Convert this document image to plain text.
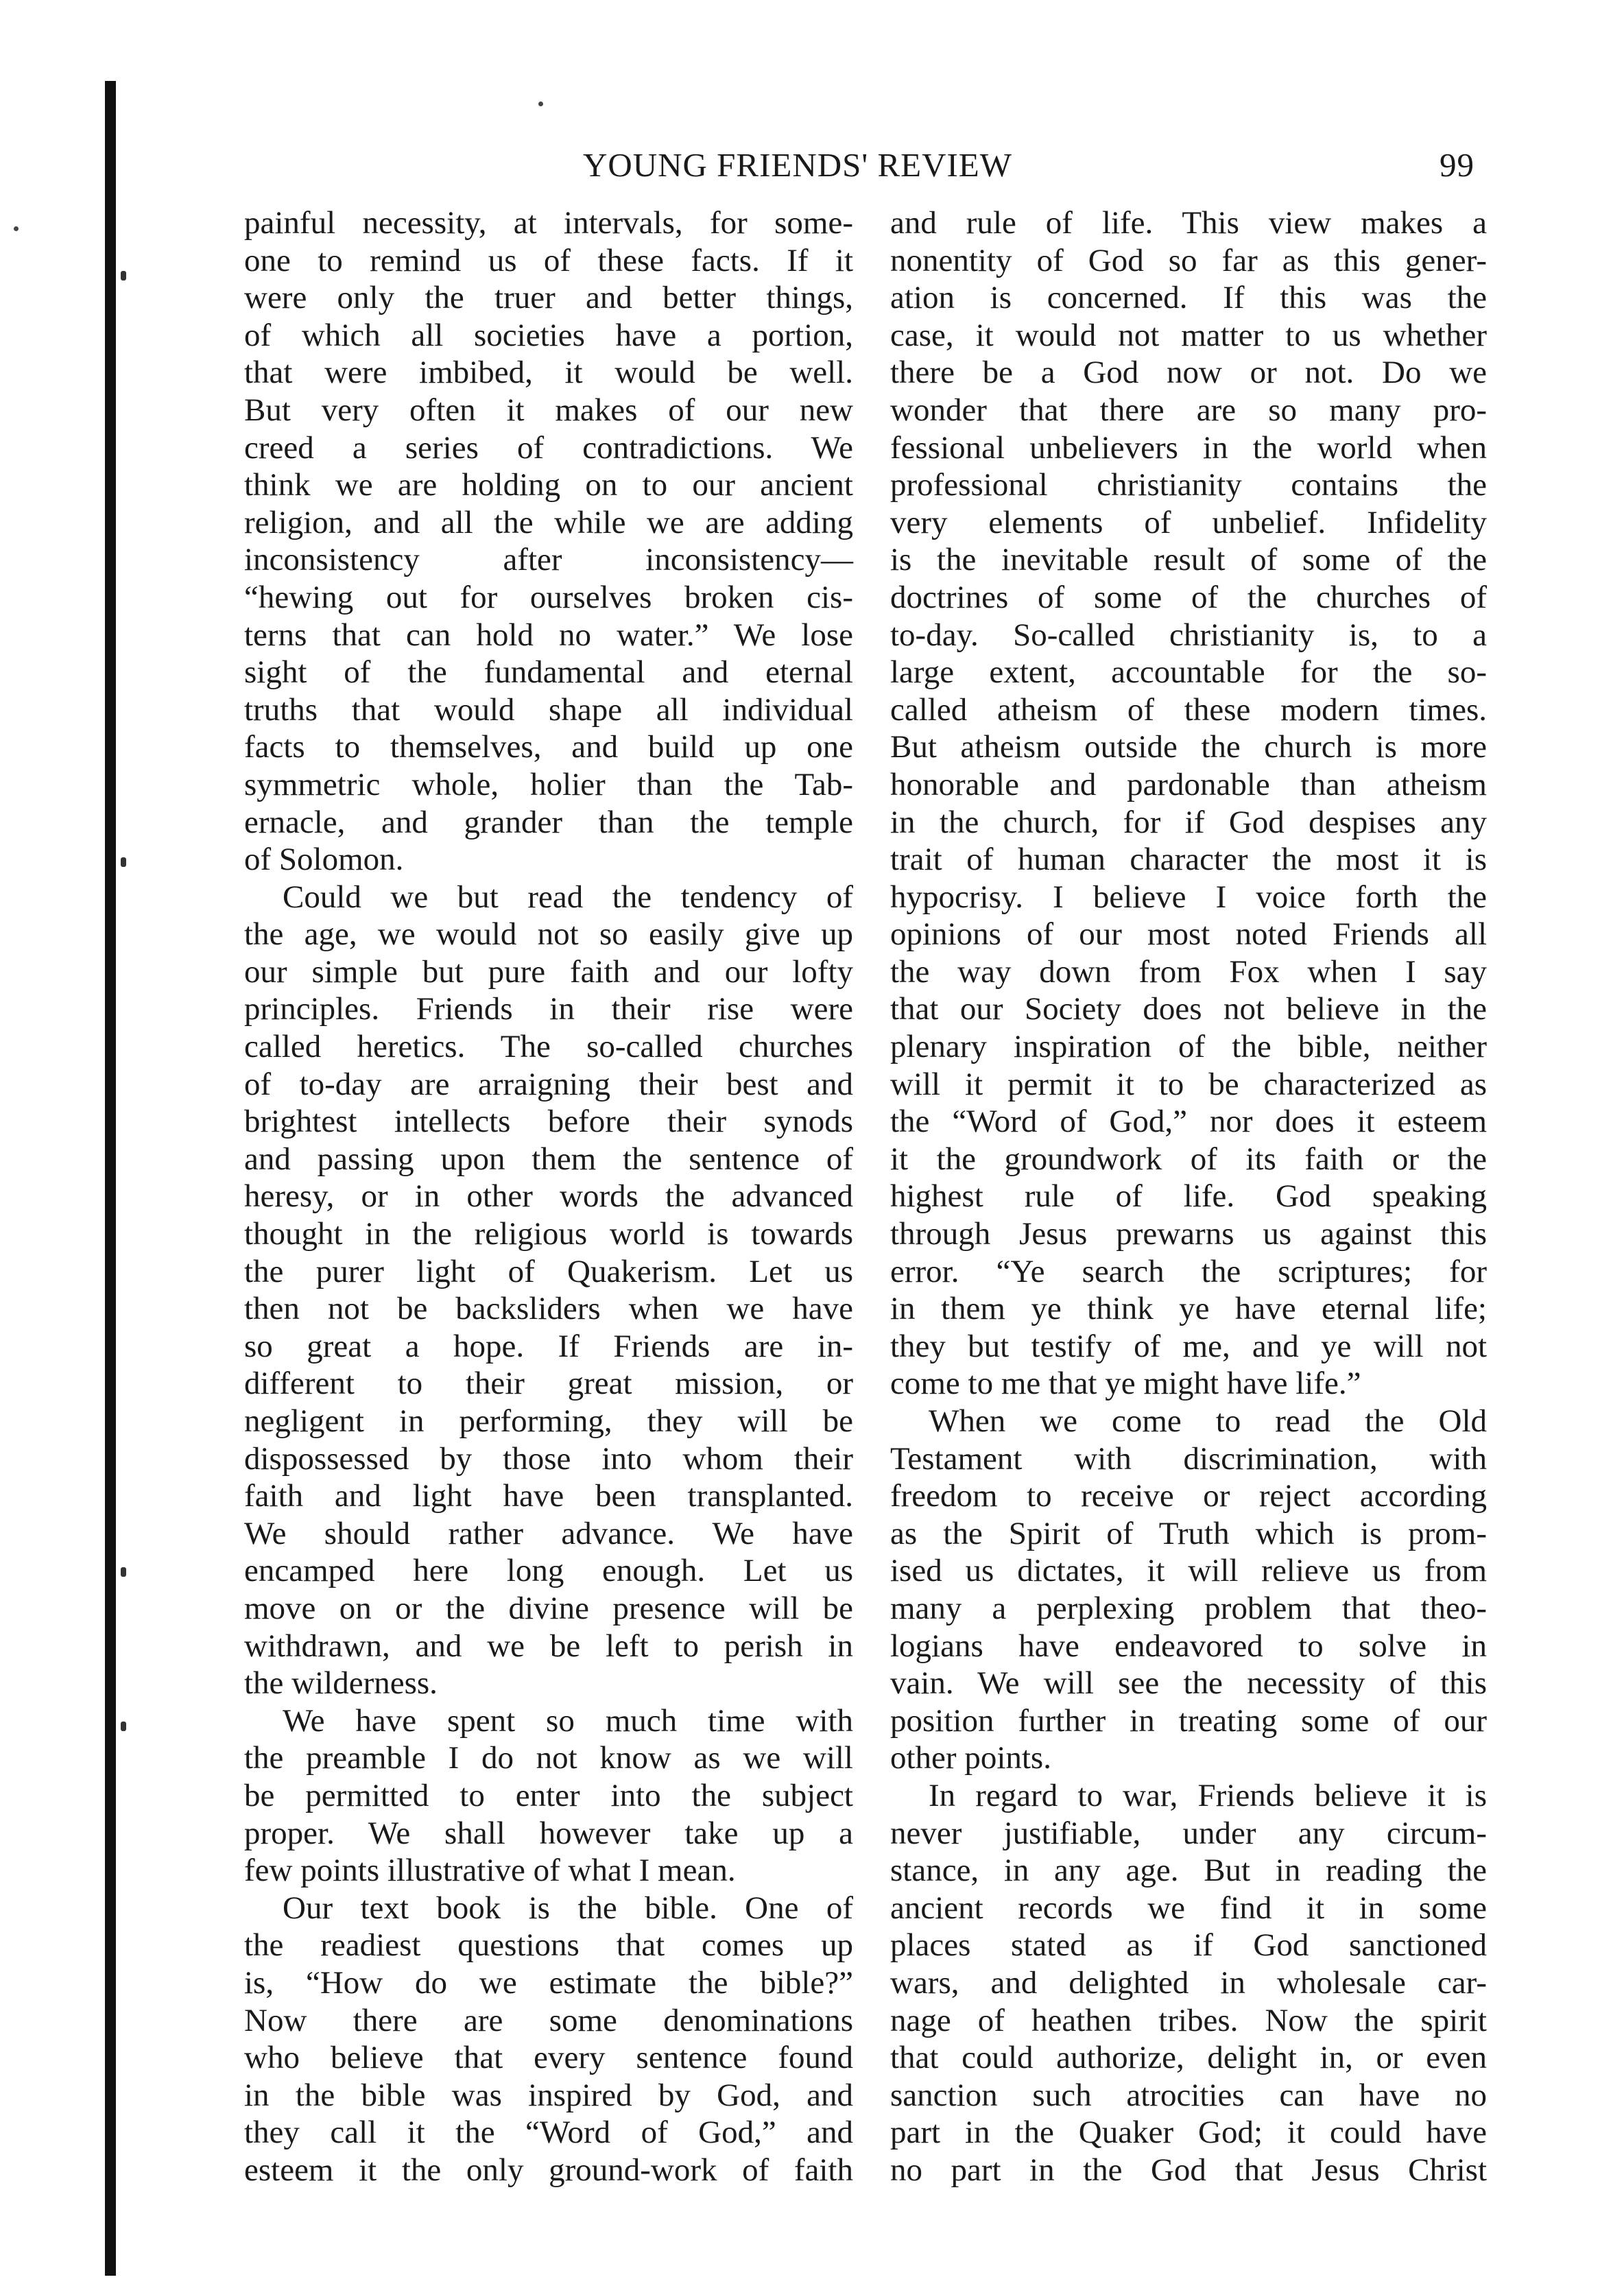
YOUNG FRIENDS' REVIEW	99
painful necessity, at intervals, for some-
one to remind us of these facts. If it
were only the truer and better things,
of which all societies have a portion,
that were imbibed, it would be well.
But very often it makes of our new
creed a series of contradictions. We
think we are holding on to our ancient
religion, and all the while we are adding
inconsistency after inconsistency—
“hewing out for ourselves broken cis-
terns that can hold no water.” We lose
sight of the fundamental and eternal
truths that would shape all individual
facts to themselves, and build up one
symmetric whole, holier than the Tab-
ernacle, and grander than the temple
of Solomon.
Could we but read the tendency of
the age, we would not so easily give up
our simple but pure faith and our lofty
principles. Friends in their rise were
called heretics. The so-called churches
of to-day are arraigning their best and
brightest intellects before their synods
and passing upon them the sentence of
heresy, or in other words the advanced
thought in the religious world is towards
the purer light of Quakerism. Let us
then not be backsliders when we have
so great a hope. If Friends are in-
different to their great mission, or
negligent in performing, they will be
dispossessed by those into whom their
faith and light have been transplanted.
We should rather advance. We have
encamped here long enough. Let us
move on or the divine presence will be
withdrawn, and we be left to perish in
the wilderness.
We have spent so much time with
the preamble I do not know as we will
be permitted to enter into the subject
proper. We shall however take up a
few points illustrative of what I mean.
Our text book is the bible. One of
the readiest questions that comes up
is, “How do we estimate the bible?”
Now there are some denominations
who believe that every sentence found
in the bible was inspired by God, and
they call it the “Word of God,” and
esteem it the only ground-work of faith
and rule of life. This view makes a
nonentity of God so far as this gener-
ation is concerned. If this was the
case, it would not matter to us whether
there be a God now or not. Do we
wonder that there are so many pro-
fessional unbelievers in the world when
professional christianity contains the
very elements of unbelief. Infidelity
is the inevitable result of some of the
doctrines of some of the churches of
to-day. So-called christianity is, to a
large extent, accountable for the so-
called atheism of these modern times.
But atheism outside the church is more
honorable and pardonable than atheism
in the church, for if God despises any
trait of human character the most it is
hypocrisy. I believe I voice forth the
opinions of our most noted Friends all
the way down from Fox when I say
that our Society does not believe in the
plenary inspiration of the bible, neither
will it permit it to be characterized as
the “Word of God,” nor does it esteem
it the groundwork of its faith or the
highest rule of life. God speaking
through Jesus prewarns us against this
error. “Ye search the scriptures; for
in them ye think ye have eternal life;
they but testify of me, and ye will not
come to me that ye might have life.”
When we come to read the Old
Testament with discrimination, with
freedom to receive or reject according
as the Spirit of Truth which is prom-
ised us dictates, it will relieve us from
many a perplexing problem that theo-
logians have endeavored to solve in
vain. We will see the necessity of this
position further in treating some of our
other points.
In regard to war, Friends believe it is
never justifiable, under any circum-
stance, in any age. But in reading the
ancient records we find it in some
places stated as if God sanctioned
wars, and delighted in wholesale car-
nage of heathen tribes. Now the spirit
that could authorize, delight in, or even
sanction such atrocities can have no
part in the Quaker God; it could have
no part in the God that Jesus Christ
